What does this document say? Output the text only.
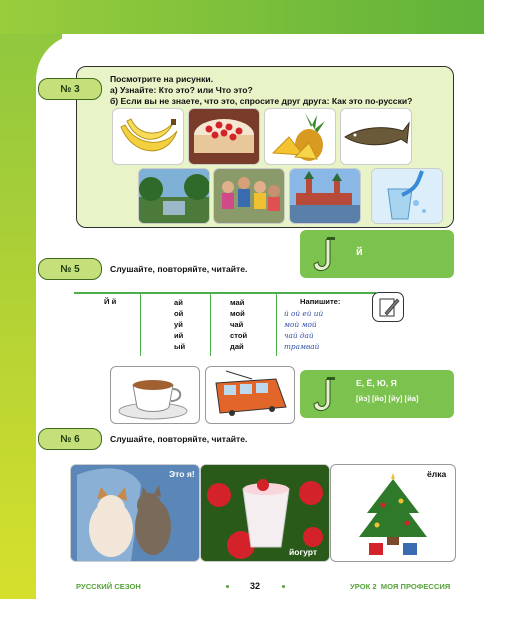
№ 3
Посмотрите на рисунки.
а) Узнайте: Кто это? или Что это?
б) Если вы не знаете, что это, спросите друг друга: Как это по-русски?
й
№ 5	Слушайте, повторяйте, читайте.
Й й	ай
ой
уй
ий
ый
май
мой
чай
стой
дай
Напишите:
й ой ей ий
мой мой
чай дай
трамвай
Е, Ё, Ю, Я
[йэ] [йо] [йу] [йа]
№ 6	Слушайте, повторяйте, читайте.
Это я!
йогурт
ёлка
РУССКИЙ СЕЗОН	32	УРОК 2  МОЯ ПРОФЕССИЯ
